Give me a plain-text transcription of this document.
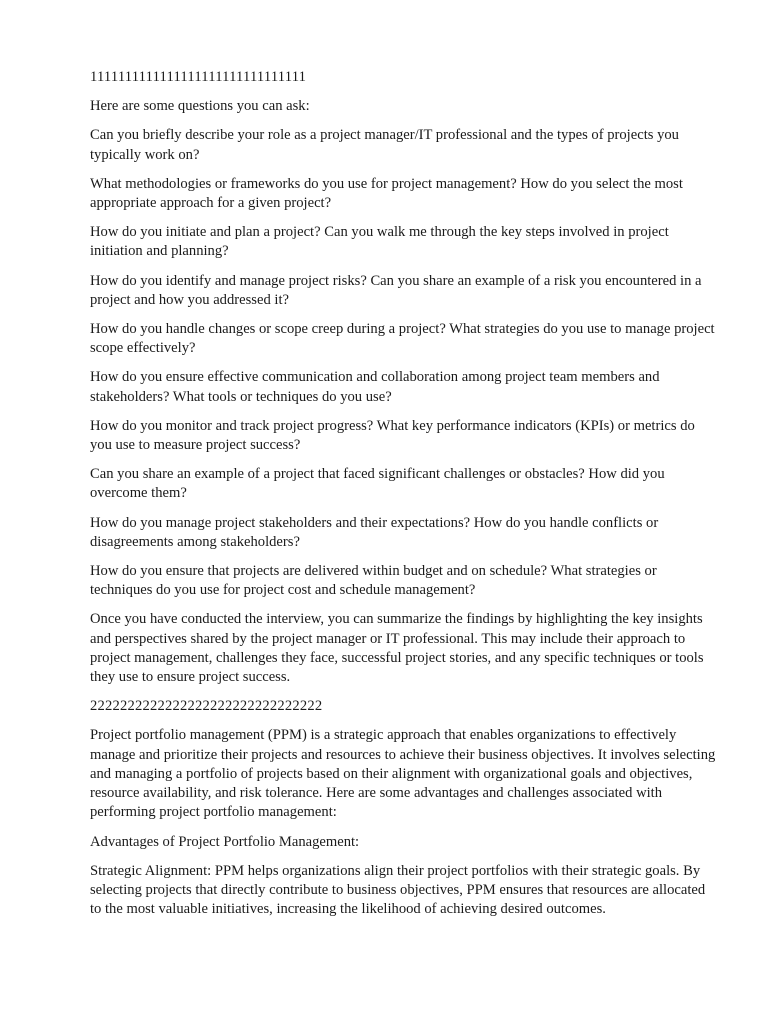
1111111111111111111111111111111

Here are some questions you can ask:

Can you briefly describe your role as a project manager/IT professional and the types of projects you typically work on?

What methodologies or frameworks do you use for project management? How do you select the most appropriate approach for a given project?

How do you initiate and plan a project? Can you walk me through the key steps involved in project initiation and planning?

How do you identify and manage project risks? Can you share an example of a risk you encountered in a project and how you addressed it?

How do you handle changes or scope creep during a project? What strategies do you use to manage project scope effectively?

How do you ensure effective communication and collaboration among project team members and stakeholders? What tools or techniques do you use?

How do you monitor and track project progress? What key performance indicators (KPIs) or metrics do you use to measure project success?

Can you share an example of a project that faced significant challenges or obstacles? How did you overcome them?

How do you manage project stakeholders and their expectations? How do you handle conflicts or disagreements among stakeholders?

How do you ensure that projects are delivered within budget and on schedule? What strategies or techniques do you use for project cost and schedule management?

Once you have conducted the interview, you can summarize the findings by highlighting the key insights and perspectives shared by the project manager or IT professional. This may include their approach to project management, challenges they face, successful project stories, and any specific techniques or tools they use to ensure project success.

2222222222222222222222222222222

Project portfolio management (PPM) is a strategic approach that enables organizations to effectively manage and prioritize their projects and resources to achieve their business objectives. It involves selecting and managing a portfolio of projects based on their alignment with organizational goals and objectives, resource availability, and risk tolerance. Here are some advantages and challenges associated with performing project portfolio management:

Advantages of Project Portfolio Management:

Strategic Alignment: PPM helps organizations align their project portfolios with their strategic goals. By selecting projects that directly contribute to business objectives, PPM ensures that resources are allocated to the most valuable initiatives, increasing the likelihood of achieving desired outcomes.
